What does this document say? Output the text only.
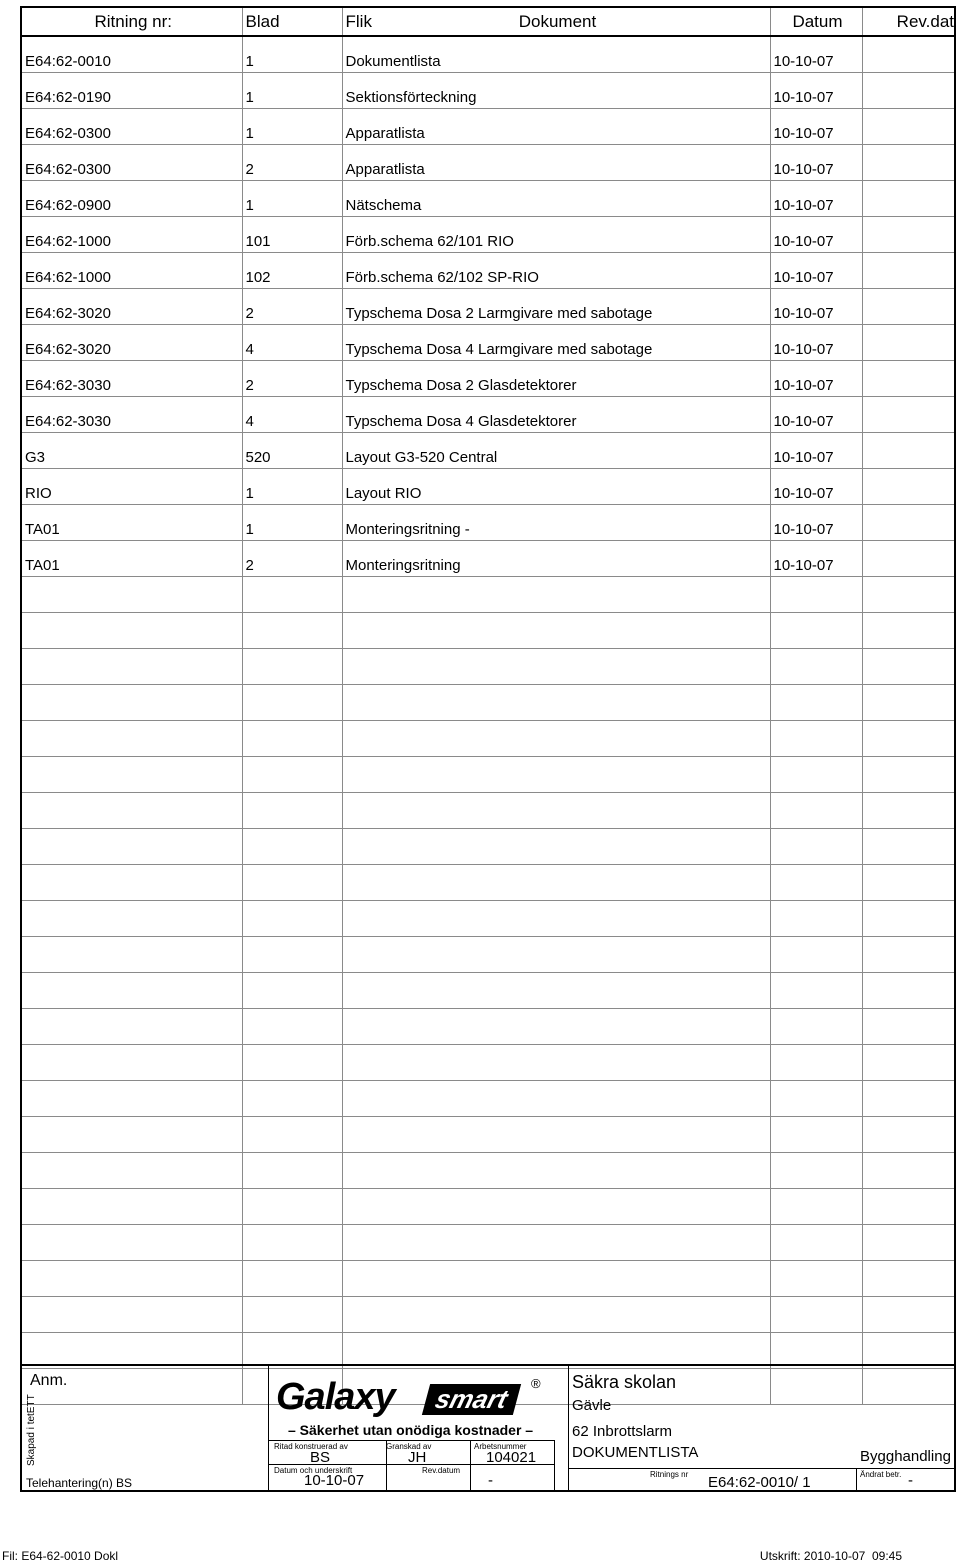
Ritning nr:	Blad	Flik	Dokument	Datum	Rev.dat
E64:62-0010	1		Dokumentlista	10-10-07	
E64:62-0190	1		Sektionsförteckning	10-10-07	
E64:62-0300	1		Apparatlista	10-10-07	
E64:62-0300	2		Apparatlista	10-10-07	
E64:62-0900	1		Nätschema	10-10-07	
E64:62-1000	101		Förb.schema 62/101 RIO	10-10-07	
E64:62-1000	102		Förb.schema 62/102 SP-RIO	10-10-07	
E64:62-3020	2		Typschema Dosa 2 Larmgivare med sabotage	10-10-07	
E64:62-3020	4		Typschema Dosa 4 Larmgivare med sabotage	10-10-07	
E64:62-3030	2		Typschema Dosa 2 Glasdetektorer	10-10-07	
E64:62-3030	4		Typschema Dosa 4 Glasdetektorer	10-10-07	
G3	520		Layout G3-520 Central	10-10-07	
RIO	1		Layout RIO	10-10-07	
TA01	1		Monteringsritning -	10-10-07	
TA01	2		Monteringsritning	10-10-07	

Anm.
Skapad i tetETT
Telehantering(n) BS
Galaxy	smart
®
– Säkerhet utan onödiga kostnader –
Ritad konstruerad av
BS
Granskad av
JH
Arbetsnummer
104021
Datum och underskrift
10-10-07
Rev.datum
-
Säkra skolan
Gävle
62 Inbrottslarm
DOKUMENTLISTA	Bygghandling
Ritnings nr E64:62-0010/ 1	Ändrat betr. -
Fil: E64-62-0010 Dokl	Utskrift: 2010-10-07  09:45
